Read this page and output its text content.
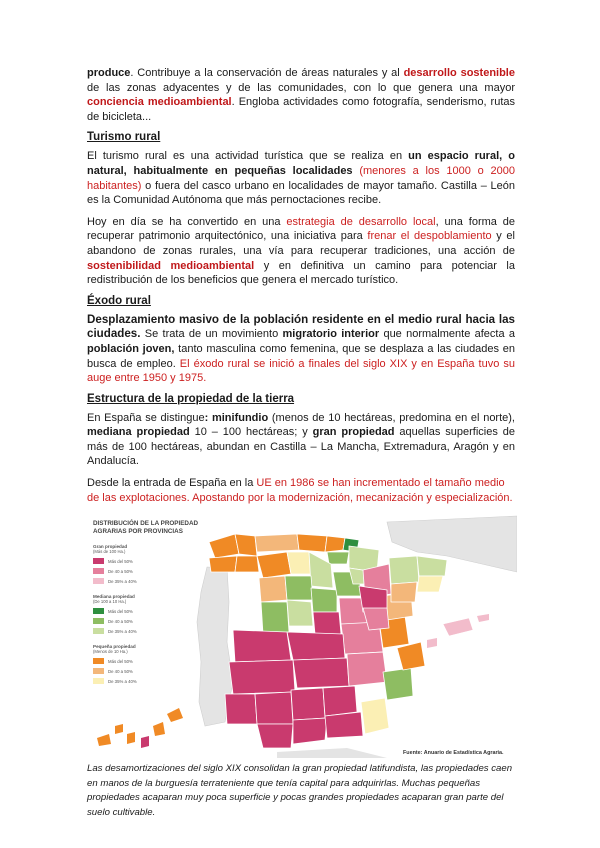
produce. Contribuye a la conservación de áreas naturales y al desarrollo sostenible de las zonas adyacentes y de las comunidades, con lo que genera una mayor conciencia medioambiental. Engloba actividades como fotografía, senderismo, rutas de bicicleta...

Turismo rural

El turismo rural es una actividad turística que se realiza en un espacio rural, o natural, habitualmente en pequeñas localidades (menores a los 1000 o 2000 habitantes) o fuera del casco urbano en localidades de mayor tamaño. Castilla – León es la Comunidad Autónoma que más pernoctaciones recibe.

Hoy en día se ha convertido en una estrategia de desarrollo local, una forma de recuperar patrimonio arquitectónico, una iniciativa para frenar el despoblamiento y el abandono de zonas rurales, una vía para recuperar tradiciones, una acción de sostenibilidad medioambiental y en definitiva un camino para potenciar la redistribución de los beneficios que genera el mercado turístico.

Éxodo rural

Desplazamiento masivo de la población residente en el medio rural hacia las ciudades. Se trata de un movimiento migratorio interior que normalmente afecta a población joven, tanto masculina como femenina, que se desplaza a las ciudades en busca de empleo. El éxodo rural se inició a finales del siglo XIX y en España tuvo su auge entre 1950 y 1975.

Estructura de la propiedad de la tierra

En España se distingue: minifundio (menos de 10 hectáreas, predomina en el norte), mediana propiedad 10 – 100 hectáreas; y gran propiedad aquellas superficies de más de 100 hectáreas, abundan en Castilla – La Mancha, Extremadura, Aragón y en Andalucía.

Desde la entrada de España en la UE en 1986 se han incrementado el tamaño medio de las explotaciones. Apostando por la modernización, mecanización y especialización.

DISTRIBUCIÓN DE LA PROPIEDAD
AGRARIAS POR PROVINCIAS
Gran propiedad
(Más de 100 Ha.)
Más del 50%
De 40 a 50%
De 35% a 40%
Mediana propiedad
(De 100 a 10 Ha.)
Más del 50%
De 40 a 50%
De 35% a 40%
Pequeña propiedad
(Menos de 10 Ha.)
Más del 50%
De 40 a 50%
De 35% a 40%
Fuente: Anuario de Estadística Agraria.

Las desamortizaciones del siglo XIX consolidan la gran propiedad latifundista, las propiedades caen en manos de la burguesía terrateniente que tenía capital para adquirirlas. Muchas pequeñas propiedades acaparan muy poca superficie y pocas grandes propiedades acaparan gran parte del suelo cultivable.
